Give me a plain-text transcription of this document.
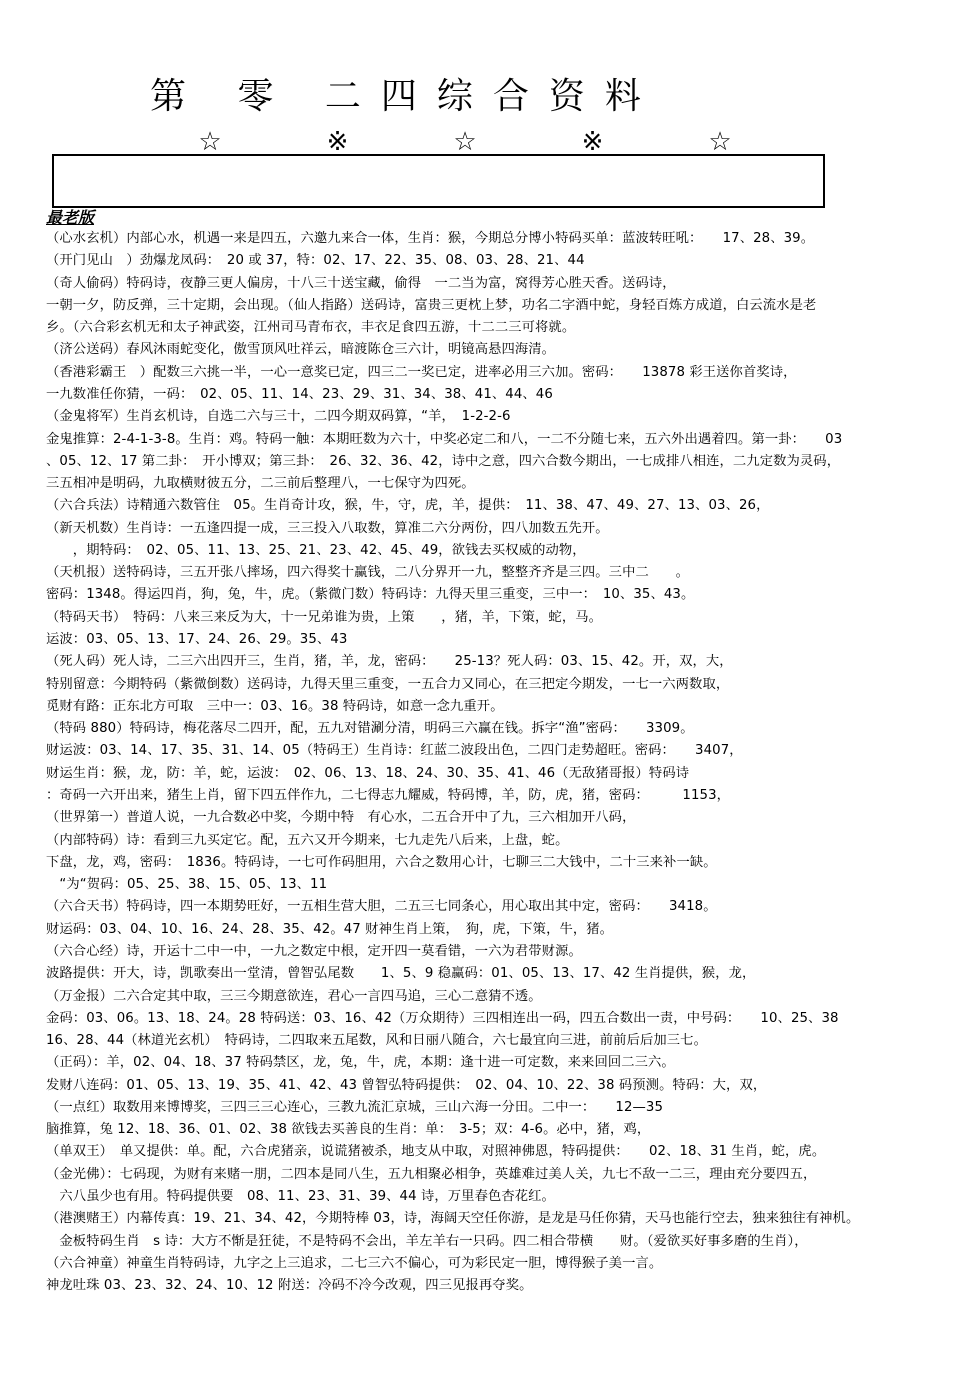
第 零 二四综合资料
☆	※	☆	※	☆
最老版
（心水玄机）内部心水，机遇一来是四五，六邀九来合一体，生肖：猴，今期总分博小特码买单：蓝波转旺吼：　　17、28、39。
（开门见山　）劲爆龙凤码：　20 或 37，特：02、17、22、35、08、03、28、21、44
（奇人偷码）特码诗，夜静三更人偏房，十八三十送宝藏，偷得　一二当为富，窝得芳心胜天香。送码诗，
一朝一夕，防反弹，三十定期，会出现。（仙人指路）送码诗，富贵三更枕上梦，功名二字酒中蛇，身轻百炼方成道，白云流水是老
乡。（六合彩玄机无和太子神武姿，江州司马青布衣，丰衣足食四五游，十二二三可将就。
（济公送码）春风沐雨蛇变化，傲雪顶风吐祥云，暗渡陈仓三六计，明镜高悬四海清。
（香港彩霸王　）配数三六挑一半，一心一意奖已定，四三二一奖已定，进率必用三六加。密码：　　13878 彩王送你首奖诗，
一九数准任你猜，一码：　02、05、11、14、23、29、31、34、38、41、44、46
（金鬼将军）生肖玄机诗，自选二六与三十，二四今期双码算，“羊，　1-2-2-6
金鬼推算：2-4-1-3-8。生肖：鸡。特码一触：本期旺数为六十，中奖必定二和八，一二不分随七来，五六外出遇着四。第一卦：　　03
、05、12、17 第二卦：　开小博双；第三卦：　26、32、36、42，诗中之意，四六合数今期出，一七成排八相连，二九定数为灵码，
三五相冲是明码，九取横财彼五分，二三前后整理八，一七保守为四死。
（六合兵法）诗精通六数管住　05。生肖奇计攻，猴，牛，守，虎，羊，提供：　11、38、47、49、27、13、03、26，
（新天机数）生肖诗：一五逢四提一成，三三投入八取数，算准二六分两份，四八加数五先开。
　　，期特码：　02、05、11、13、25、21、23、42、45、49，欲钱去买权威的动物，
（天机报）送特码诗，三五开张八摔场，四六得奖十赢钱，二八分界开一九，整整齐齐是三四。三中二　　。
密码：1348。得运四肖，狗，兔，牛，虎。（紫微门数）特码诗：九得天里三重变，三中一：　10、35、43。
（特码天书）　特码：八来三来反为大，十一兄弟谁为贵，上策　　，猪，羊，下策，蛇，马。
运波：03、05、13、17、24、26、29。35、43
（死人码）死人诗，二三六出四开三，生肖，猪，羊，龙，密码：　　25-13？死人码：03、15、42。开，双，大，
特别留意：今期特码（紫微倒数）送码诗，九得天里三重变，一五合力又同心，在三把定今期发，一七一六两数取，
觅财有路：正东北方可取　三中一：03、16。38 特码诗，如意一念九重开。
（特码 880）特码诗，梅花落尽二四开，配，五九对错涮分清，明码三六赢在钱。拆字“渔”密码：　　3309。
财运波：03、14、17、35、31、14、05（特码王）生肖诗：红蓝二波段出色，二四门走势超旺。密码：　　3407，
财运生肖：猴，龙，防：羊，蛇，运波：　02、06、13、18、24、30、35、41、46（无敌猪哥报）特码诗
：奇码一六开出来，猪生上肖，留下四五伴作九，二七得志九耀威，特码博，羊，防，虎，猪，密码：　　　1153，
（世界第一）普道人说，一九合数必中奖，今期中特　有心水，二五合开中了九，三六相加开八码，
（内部特码）诗：看到三九买定它。配，五六又开今期来，七九走先八后来，上盘，蛇。
下盘，龙，鸡，密码：　1836。特码诗，一七可作码胆用，六合之数用心计，七聊三二大钱中，二十三来补一缺。
　“为“贺码：05、25、38、15、05、13、11
（六合天书）特码诗，四一本期势旺好，一五相生营大胆，二五三七同条心，用心取出其中定，密码：　　3418。
财运码：03、04、10、16、24、28、35、42。47 财神生肖上策，　狗，虎，下策，牛，猪。
（六合心经）诗，开运十二中一中，一九之数定中根，定开四一莫看错，一六为君带财源。
波路提供：开大，诗，凯歌奏出一堂清，曾智弘尾数　　1、5、9 稳赢码：01、05、13、17、42 生肖提供，猴，龙，
（万金报）二六合定其中取，三三今期意欲连，君心一言四马追，三心二意猜不透。
金码：03、06。13、18、24。28 特码送：03、16、42（万众期待）三四相连出一码，四五合数出一责，中号码：　　10、25、38
16、28、44（林道光玄机）　特码诗，二四取来五尾数，风和日丽八随合，六七最宜向三进，前前后后加三七。
（正码）：羊，02、04、18、37 特码禁区，龙，兔，牛，虎，本期：逢十进一可定数，来来回回二三六。
发财八连码：01、05、13、19、35、41、42、43 曾智弘特码提供：　02、04、10、22、38 码预测。特码：大，双，
（一点红）取数用来博博奖，三四三三心连心，三教九流汇京城，三山六海一分田。二中一：　　12—35
脑推算，兔 12、18、36、01、02、38 欲钱去买善良的生肖：单：　3-5；双：4-6。必中，猪，鸡，
（单双王）　单又提供：单。配，六合虎猪亲，说谎猪被杀，地支从中取，对照神佛恩，特码提供：　　02、18、31 生肖，蛇，虎。
（金光佛）：七码现，为财有来赌一朋，二四本是同八生，五九相聚必相争，英雄难过美人关，九七不敌一二三，理由充分要四五，
　六八虽少也有用。特码提供要　08、11、23、31、39、44 诗，万里春色杏花红。
（港澳赌王）内幕传真：19、21、34、42，今期特棒 03，诗，海阔天空任你游，是龙是马任你猜，天马也能行空去，独来独往有神机。
　金板特码生肖　s 诗：大方不惭是狂徒，不是特码不会出，羊左羊右一只码。四二相合带横　　财。（爱欲买好事多磨的生肖），
（六合神童）神童生肖特码诗，九字之上三追求，二七三六不偏心，可为彩民定一胆，博得猴子美一言。
神龙吐珠 03、23、32、24、10、12 附送：冷码不冷今改观，四三见报再夺奖。
